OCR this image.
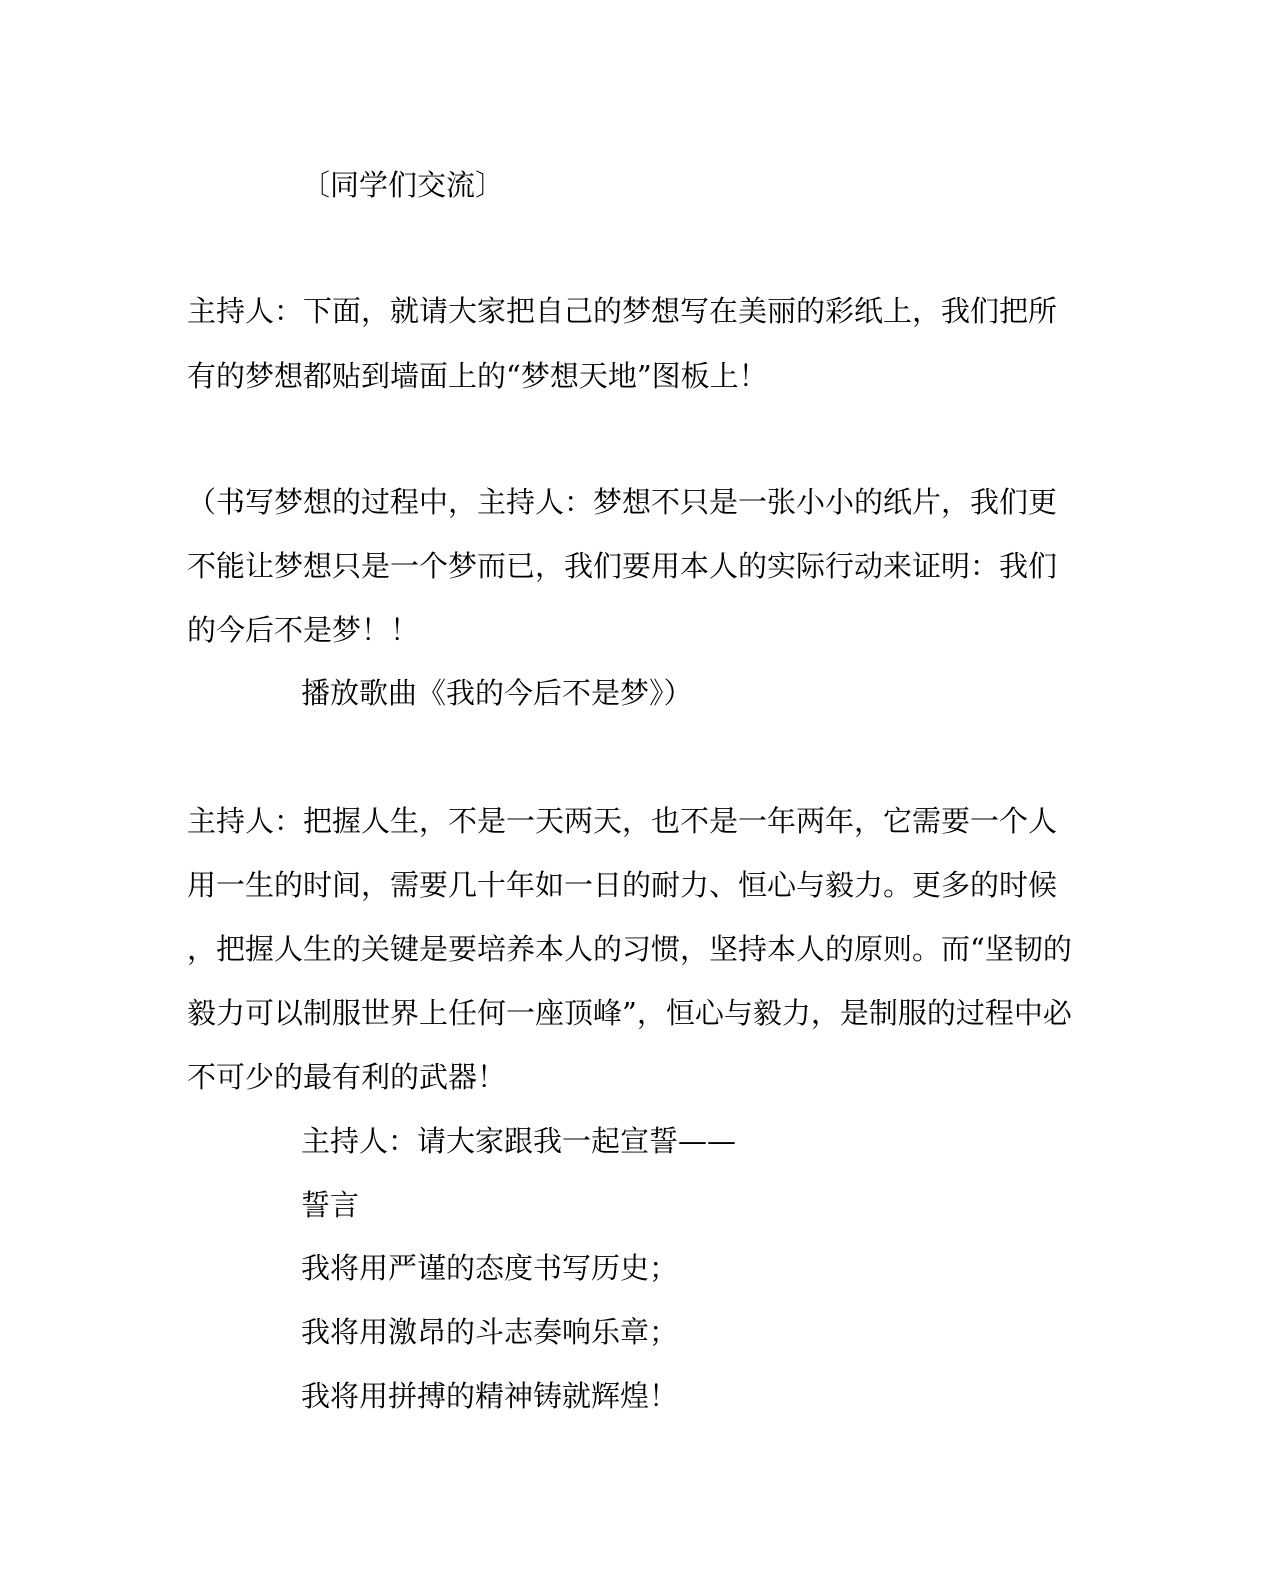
〔同学们交流〕
主持人：下面，就请大家把自己的梦想写在美丽的彩纸上，我们把所
有的梦想都贴到墙面上的“梦想天地”图板上！
（书写梦想的过程中，主持人：梦想不只是一张小小的纸片，我们更
不能让梦想只是一个梦而已，我们要用本人的实际行动来证明：我们
的今后不是梦！！
播放歌曲《我的今后不是梦》）
主持人：把握人生，不是一天两天，也不是一年两年，它需要一个人
用一生的时间，需要几十年如一日的耐力、恒心与毅力。更多的时候
，把握人生的关键是要培养本人的习惯，坚持本人的原则。而“坚韧的
毅力可以制服世界上任何一座顶峰”，恒心与毅力，是制服的过程中必
不可少的最有利的武器！
主持人：请大家跟我一起宣誓——
誓言
我将用严谨的态度书写历史；
我将用激昂的斗志奏响乐章；
我将用拼搏的精神铸就辉煌！
